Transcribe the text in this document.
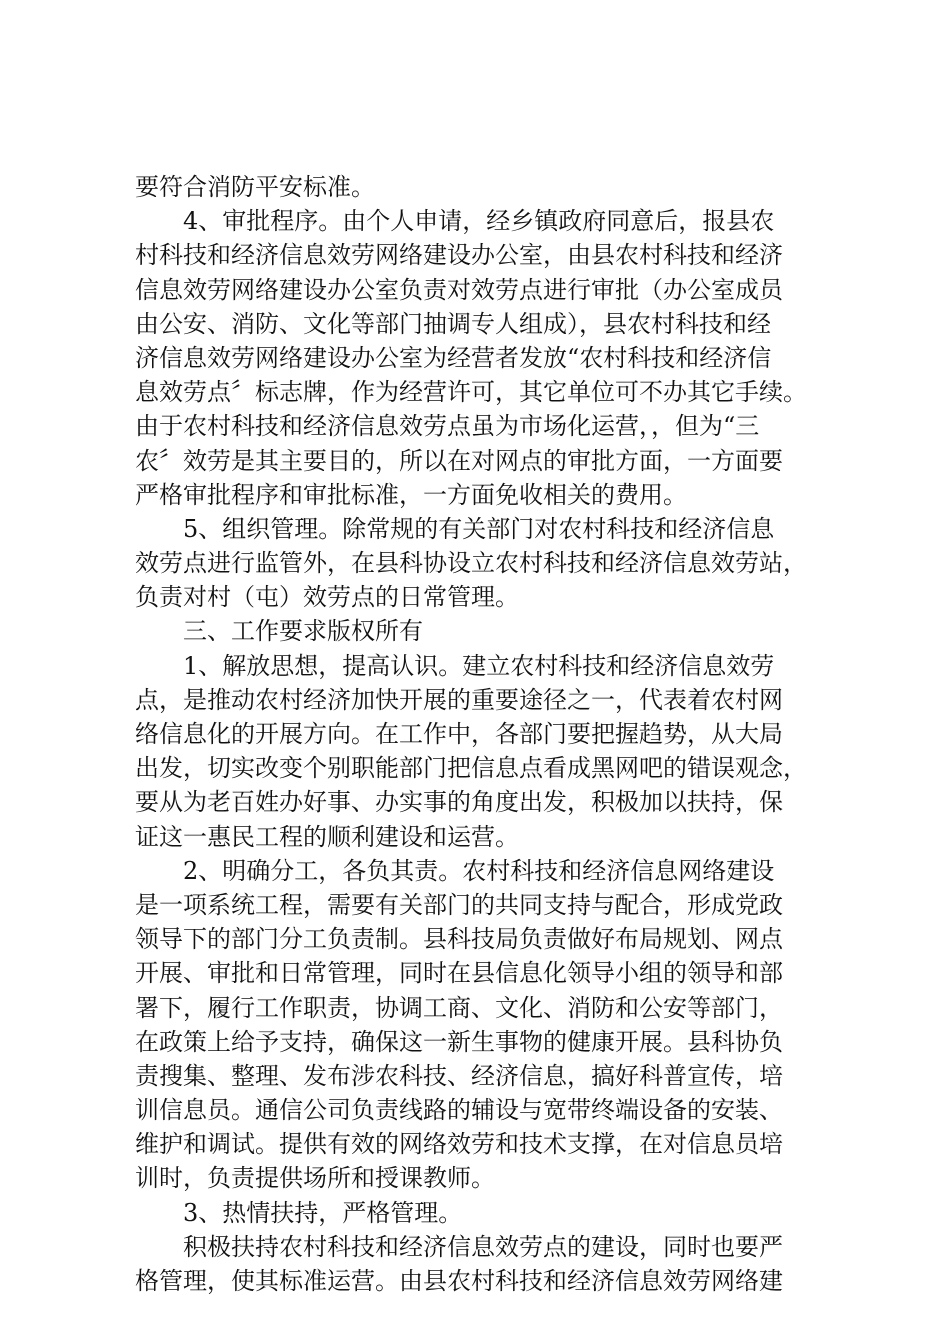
要符合消防平安标准。
4、审批程序。由个人申请，经乡镇政府同意后，报县农
村科技和经济信息效劳网络建设办公室，由县农村科技和经济
信息效劳网络建设办公室负责对效劳点进行审批（办公室成员
由公安、消防、文化等部门抽调专人组成），县农村科技和经
济信息效劳网络建设办公室为经营者发放“农村科技和经济信
息效劳点〞标志牌，作为经营许可，其它单位可不办其它手续。
由于农村科技和经济信息效劳点虽为市场化运营，，但为“三
农〞效劳是其主要目的，所以在对网点的审批方面，一方面要
严格审批程序和审批标准，一方面免收相关的费用。
5、组织管理。除常规的有关部门对农村科技和经济信息
效劳点进行监管外，在县科协设立农村科技和经济信息效劳站，
负责对村（屯）效劳点的日常管理。
三、工作要求版权所有
1、解放思想，提高认识。建立农村科技和经济信息效劳
点，是推动农村经济加快开展的重要途径之一，代表着农村网
络信息化的开展方向。在工作中，各部门要把握趋势，从大局
出发，切实改变个别职能部门把信息点看成黑网吧的错误观念，
要从为老百姓办好事、办实事的角度出发，积极加以扶持，保
证这一惠民工程的顺利建设和运营。
2、明确分工，各负其责。农村科技和经济信息网络建设
是一项系统工程，需要有关部门的共同支持与配合，形成党政
领导下的部门分工负责制。县科技局负责做好布局规划、网点
开展、审批和日常管理，同时在县信息化领导小组的领导和部
署下，履行工作职责，协调工商、文化、消防和公安等部门，
在政策上给予支持，确保这一新生事物的健康开展。县科协负
责搜集、整理、发布涉农科技、经济信息，搞好科普宣传，培
训信息员。通信公司负责线路的辅设与宽带终端设备的安装、
维护和调试。提供有效的网络效劳和技术支撑，在对信息员培
训时，负责提供场所和授课教师。
3、热情扶持，严格管理。
积极扶持农村科技和经济信息效劳点的建设，同时也要严
格管理，使其标准运营。由县农村科技和经济信息效劳网络建
